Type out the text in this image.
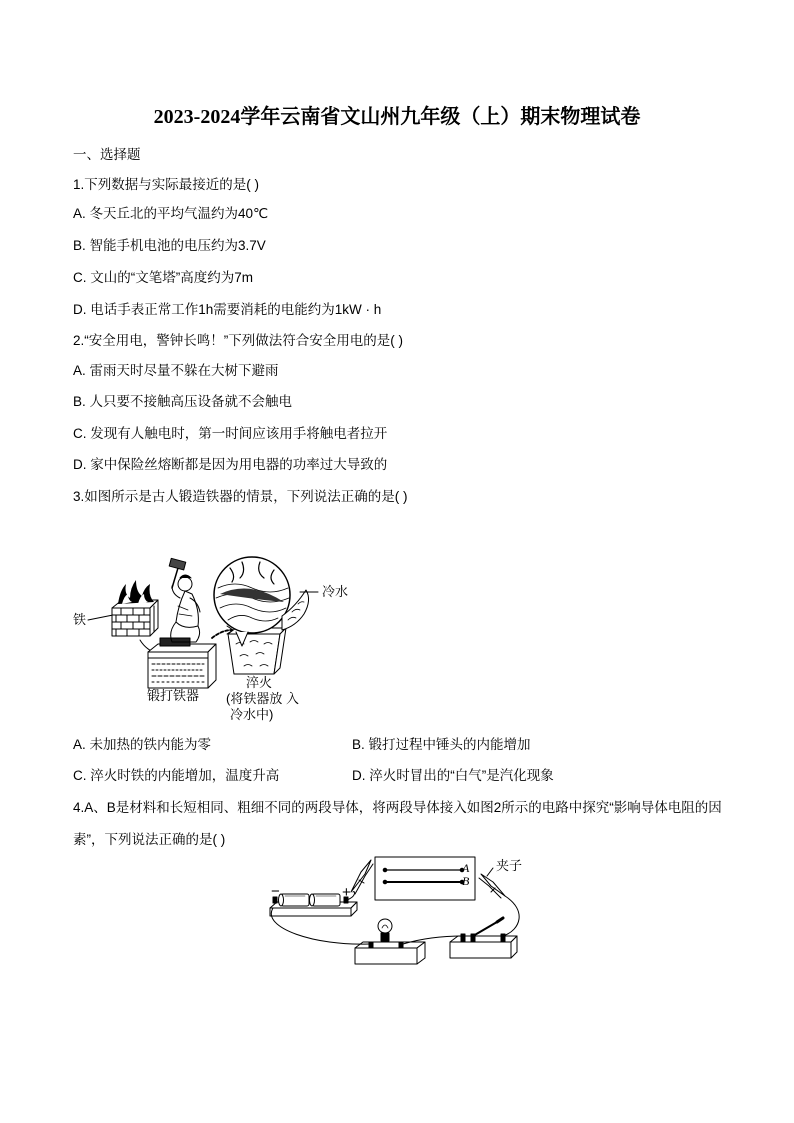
2023-2024学年云南省文山州九年级（上）期末物理试卷
一、选择题
1.下列数据与实际最接近的是( )
A. 冬天丘北的平均气温约为40℃
B. 智能手机电池的电压约为3.7V
C. 文山的“文笔塔”高度约为7m
D. 电话手表正常工作1h需要消耗的电能约为1kW · h
2.“安全用电，警钟长鸣！”下列做法符合安全用电的是( )
A. 雷雨天时尽量不躲在大树下避雨
B. 人只要不接触高压设备就不会触电
C. 发现有人触电时，第一时间应该用手将触电者拉开
D. 家中保险丝熔断都是因为用电器的功率过大导致的
3.如图所示是古人锻造铁器的情景，下列说法正确的是( )
铁
冷水
锻打铁器
淬火
(将铁器放 入
冷水中)
A. 未加热的铁内能为零	B. 锻打过程中锤头的内能增加
C. 淬火时铁的内能增加，温度升高	D. 淬火时冒出的“白气”是汽化现象
4.A、B是材料和长短相同、粗细不同的两段导体，将两段导体接入如图2所示的电路中探究“影响导体电阻的因素”，下列说法正确的是( )
A
B
夹子
−	+
